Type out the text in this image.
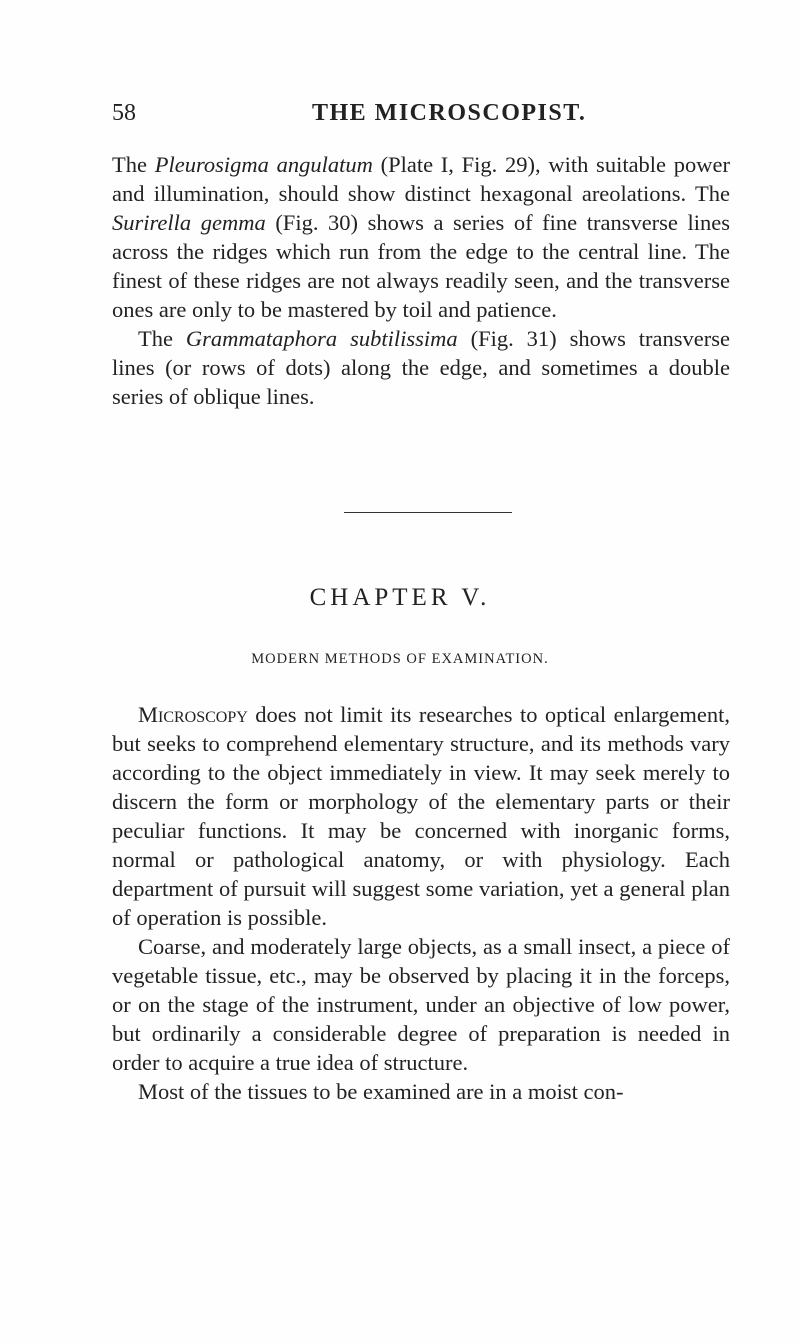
58	THE MICROSCOPIST.

The Pleurosigma angulatum (Plate I, Fig. 29), with suitable power and illumination, should show distinct hexagonal areolations. The Surirella gemma (Fig. 30) shows a series of fine transverse lines across the ridges which run from the edge to the central line. The finest of these ridges are not always readily seen, and the transverse ones are only to be mastered by toil and patience.

The Grammataphora subtilissima (Fig. 31) shows transverse lines (or rows of dots) along the edge, and sometimes a double series of oblique lines.

CHAPTER V.
MODERN METHODS OF EXAMINATION.

Microscopy does not limit its researches to optical enlargement, but seeks to comprehend elementary structure, and its methods vary according to the object immediately in view. It may seek merely to discern the form or morphology of the elementary parts or their peculiar functions. It may be concerned with inorganic forms, normal or pathological anatomy, or with physiology. Each department of pursuit will suggest some variation, yet a general plan of operation is possible.

Coarse, and moderately large objects, as a small insect, a piece of vegetable tissue, etc., may be observed by placing it in the forceps, or on the stage of the instrument, under an objective of low power, but ordinarily a considerable degree of preparation is needed in order to acquire a true idea of structure.

Most of the tissues to be examined are in a moist con-
